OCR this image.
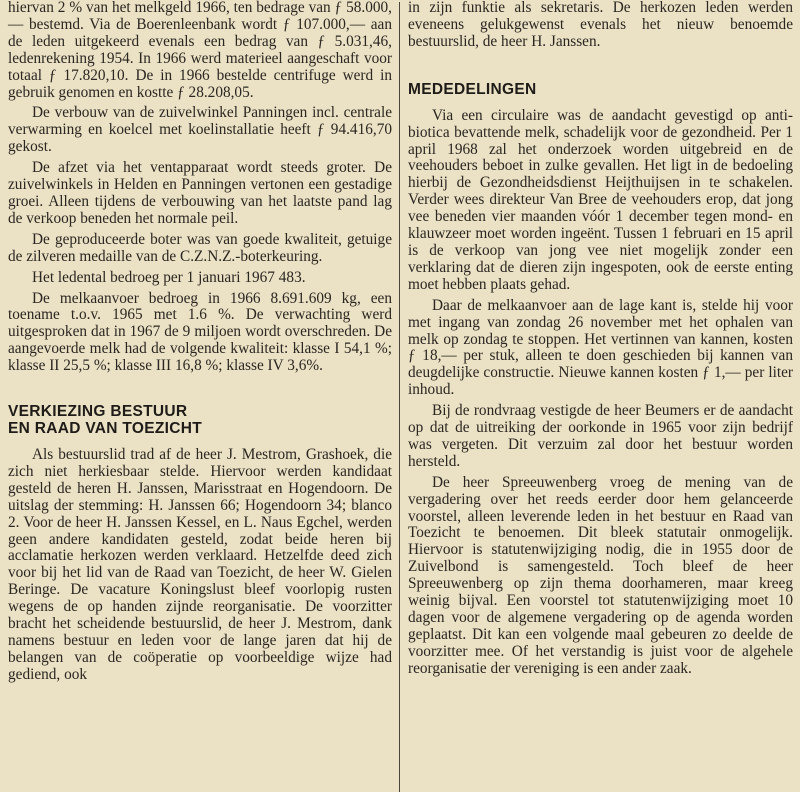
hiervan 2 % van het melkgeld 1966, ten bedrage van ƒ 58.000,— bestemd. Via de Boerenleenbank wordt ƒ 107.000,— aan de leden uitgekeerd evenals een bedrag van ƒ 5.031,46, ledenrekening 1954. In 1966 werd materieel aangeschaft voor totaal ƒ 17.820,10. De in 1966 bestelde centrifuge werd in gebruik genomen en kostte ƒ 28.208,05.

De verbouw van de zuivelwinkel Panningen incl. centrale verwarming en koelcel met koelinstallatie heeft ƒ 94.416,70 gekost.

De afzet via het ventapparaat wordt steeds groter. De zuivelwinkels in Helden en Panningen vertonen een gestadige groei. Alleen tijdens de verbouwing van het laatste pand lag de verkoop beneden het normale peil.

De geproduceerde boter was van goede kwaliteit, getuige de zilveren medaille van de C.Z.N.Z.-boterkeuring.

Het ledental bedroeg per 1 januari 1967 483.

De melkaanvoer bedroeg in 1966 8.691.609 kg, een toename t.o.v. 1965 met 1.6 %. De verwachting werd uitgesproken dat in 1967 de 9 miljoen wordt overschreden. De aangevoerde melk had de volgende kwaliteit: klasse I 54,1 %; klasse II 25,5 %; klasse III 16,8 %; klasse IV 3,6%.

VERKIEZING BESTUUR
EN RAAD VAN TOEZICHT

Als bestuurslid trad af de heer J. Mestrom, Grashoek, die zich niet herkiesbaar stelde. Hiervoor werden kandidaat gesteld de heren H. Janssen, Marisstraat en Hogendoorn. De uitslag der stemming: H. Janssen 66; Hogendoorn 34; blanco 2. Voor de heer H. Janssen Kessel, en L. Naus Egchel, werden geen andere kandidaten gesteld, zodat beide heren bij acclamatie herkozen werden verklaard. Hetzelfde deed zich voor bij het lid van de Raad van Toezicht, de heer W. Gielen Beringe. De vacature Koningslust bleef voorlopig rusten wegens de op handen zijnde reorganisatie. De voorzitter bracht het scheidende bestuurslid, de heer J. Mestrom, dank namens bestuur en leden voor de lange jaren dat hij de belangen van de coöperatie op voorbeeldige wijze had gediend, ook

in zijn funktie als sekretaris. De herkozen leden werden eveneens gelukgewenst evenals het nieuw benoemde bestuurslid, de heer H. Janssen.

MEDEDELINGEN

Via een circulaire was de aandacht gevestigd op anti-biotica bevattende melk, schadelijk voor de gezondheid. Per 1 april 1968 zal het onderzoek worden uitgebreid en de veehouders beboet in zulke gevallen. Het ligt in de bedoeling hierbij de Gezondheidsdienst Heijthuijsen in te schakelen. Verder wees direkteur Van Bree de veehouders erop, dat jong vee beneden vier maanden vóór 1 december tegen mond- en klauwzeer moet worden ingeënt. Tussen 1 februari en 15 april is de verkoop van jong vee niet mogelijk zonder een verklaring dat de dieren zijn ingespoten, ook de eerste enting moet hebben plaats gehad.

Daar de melkaanvoer aan de lage kant is, stelde hij voor met ingang van zondag 26 november met het ophalen van melk op zondag te stoppen. Het vertinnen van kannen, kosten ƒ 18,— per stuk, alleen te doen geschieden bij kannen van deugdelijke constructie. Nieuwe kannen kosten ƒ 1,— per liter inhoud.

Bij de rondvraag vestigde de heer Beumers er de aandacht op dat de uitreiking der oorkonde in 1965 voor zijn bedrijf was vergeten. Dit verzuim zal door het bestuur worden hersteld.

De heer Spreeuwenberg vroeg de mening van de vergadering over het reeds eerder door hem gelanceerde voorstel, alleen leverende leden in het bestuur en Raad van Toezicht te benoemen. Dit bleek statutair onmogelijk. Hiervoor is statutenwijziging nodig, die in 1955 door de Zuivelbond is samengesteld. Toch bleef de heer Spreeuwenberg op zijn thema doorhameren, maar kreeg weinig bijval. Een voorstel tot statutenwijziging moet 10 dagen voor de algemene vergadering op de agenda worden geplaatst. Dit kan een volgende maal gebeuren zo deelde de voorzitter mee. Of het verstandig is juist voor de algehele reorganisatie der vereniging is een ander zaak.
